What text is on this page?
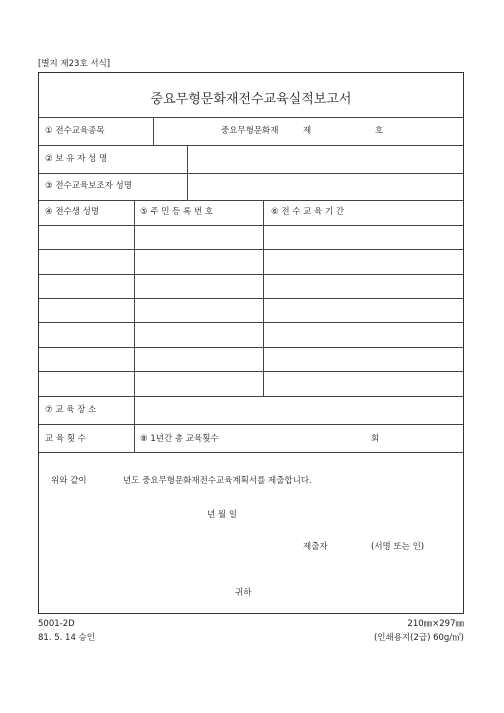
[별지 제23호 서식]
중요무형문화재전수교육실적보고서
① 전수교육종목	중요무형문화재	제	호
② 보 유 자 성 명
③ 전수교육보조자 성명
④ 전수생 성명	⑤ 주 민 등 록 번 호	⑥ 전 수 교 육 기 간
⑦ 교 육 장 소
교 육 횟 수	⑧ 1년간 총 교육횟수	회
위와 같이	년도 중요무형문화재전수교육계획서를 제출합니다.
년 월 일
제출자	(서명 또는 인)
귀하
5001-2D
81. 5. 14 승인
210㎜×297㎜
(인쇄용지(2급) 60g/㎡)
